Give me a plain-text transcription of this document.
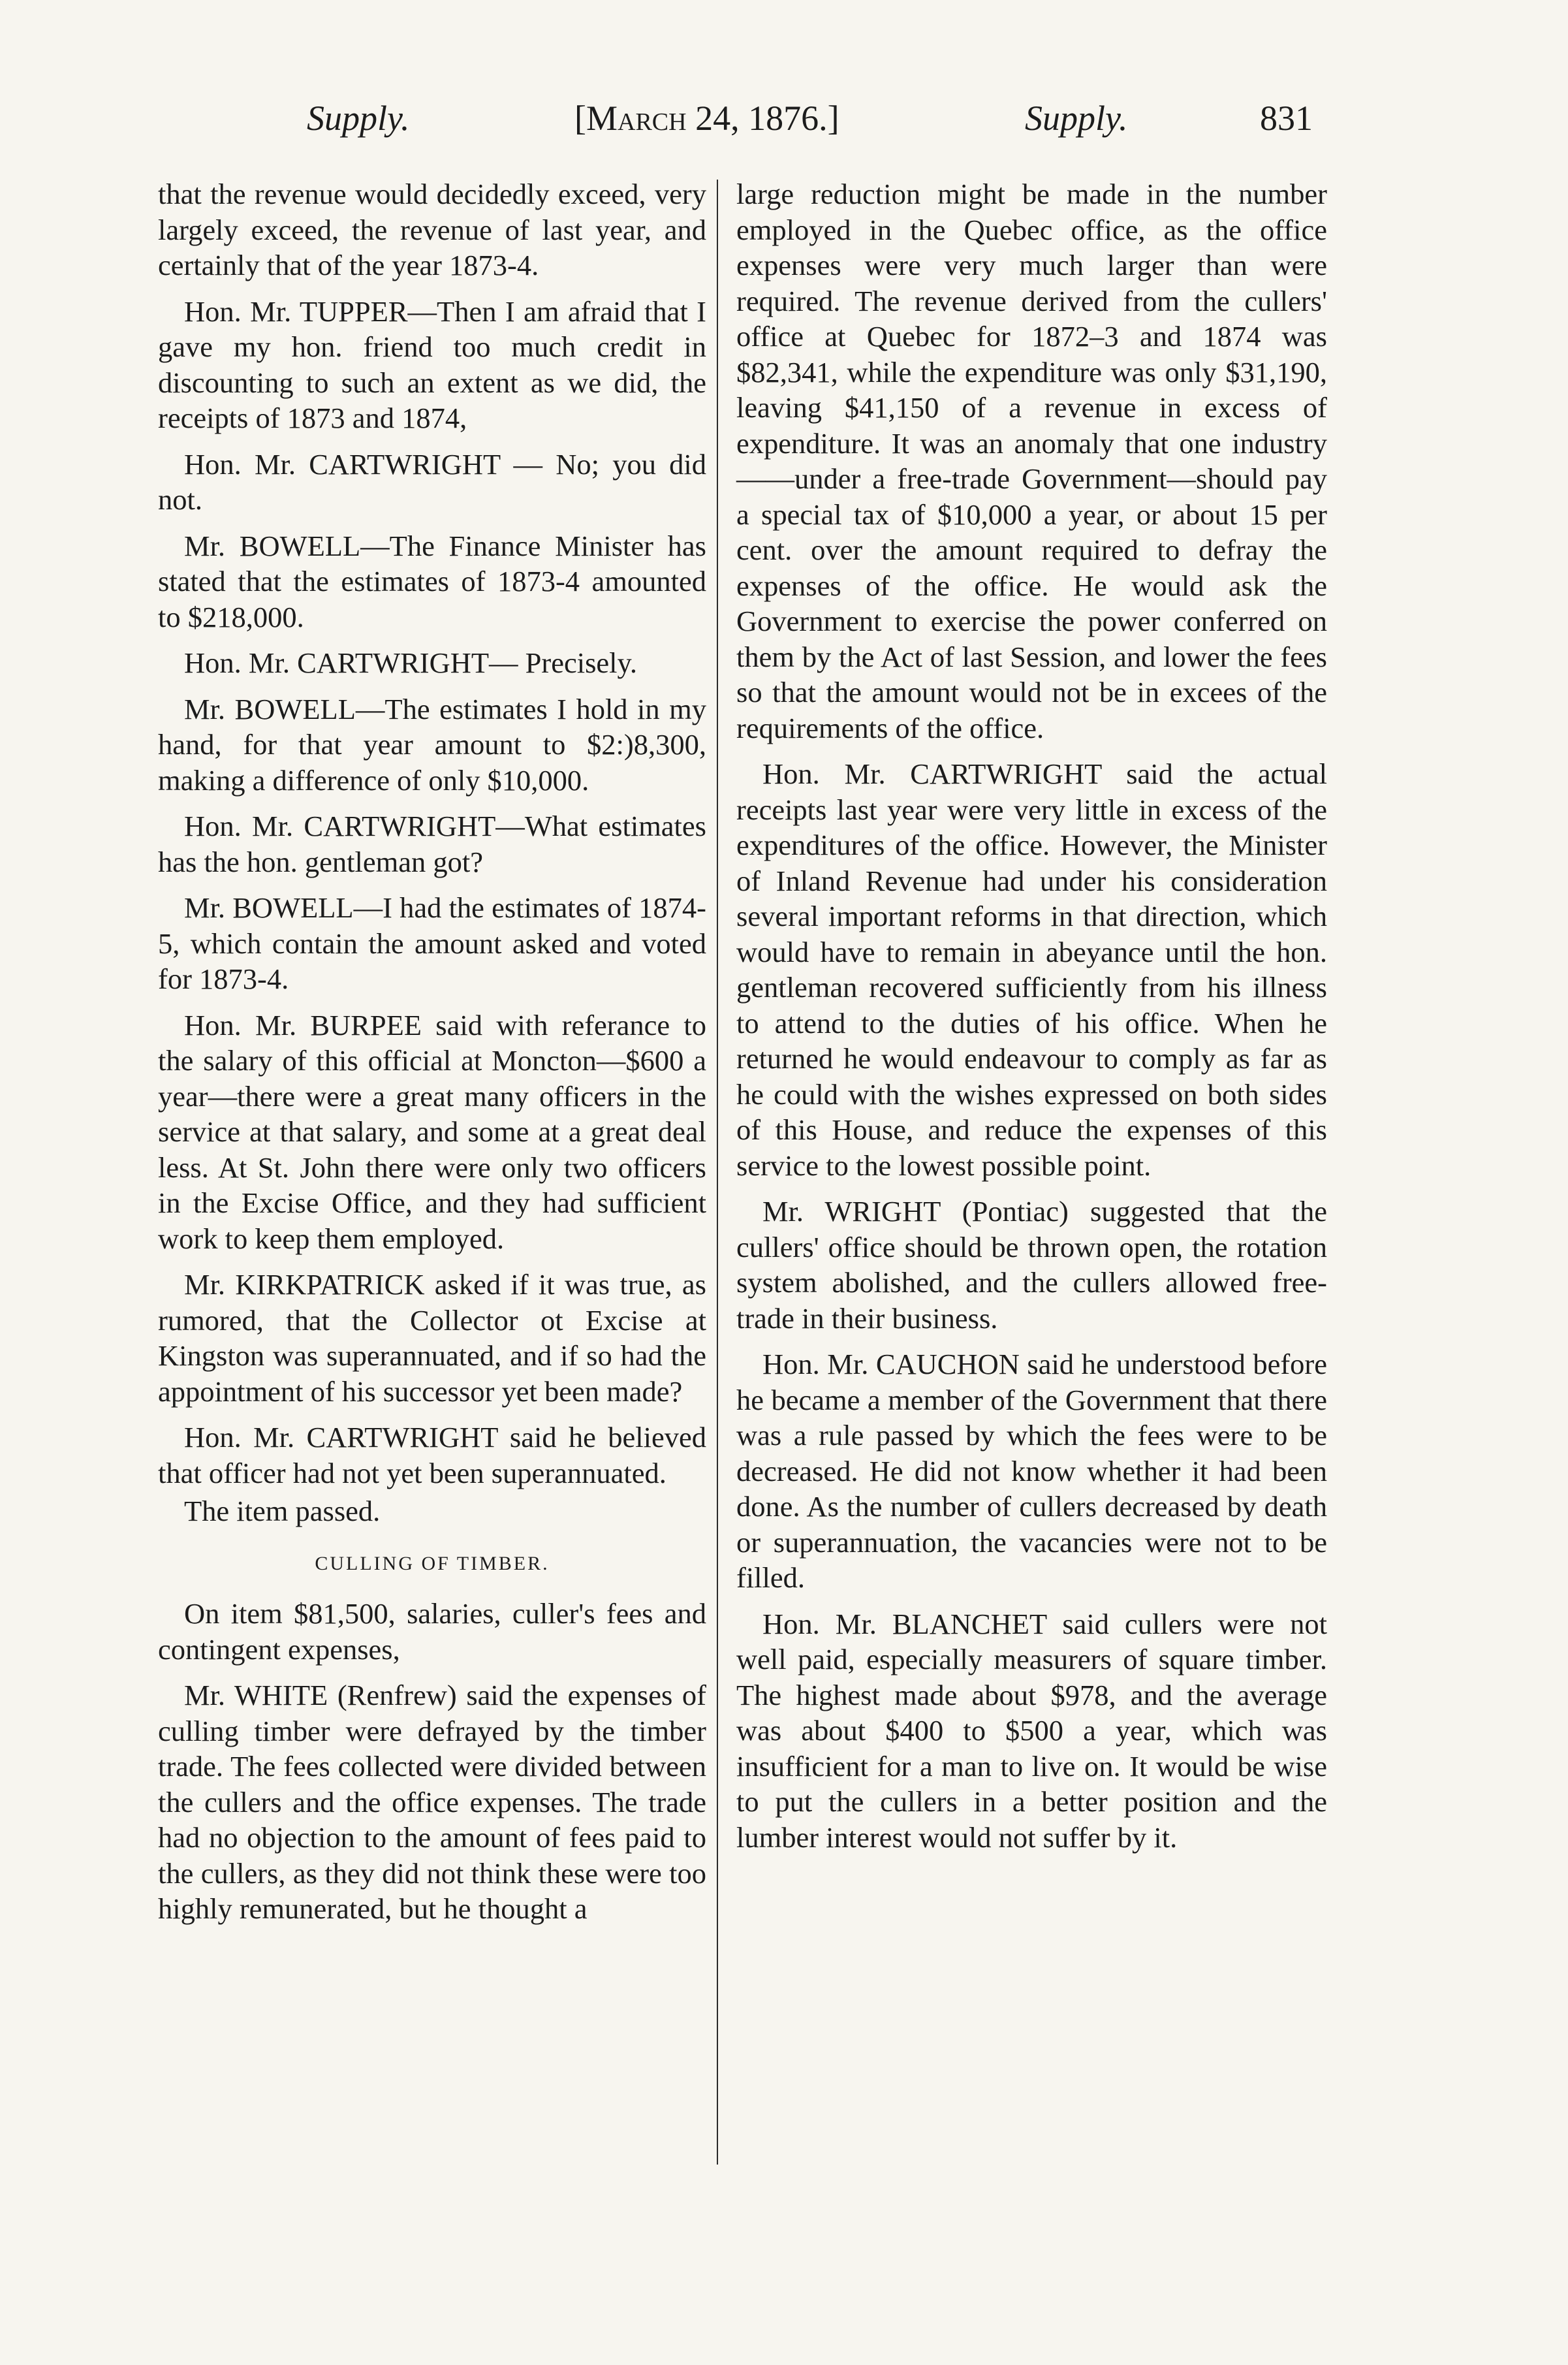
Supply.	[March 24, 1876.]	Supply.	831

that the revenue would decidedly exceed, very largely exceed, the revenue of last year, and certainly that of the year 1873-4.

Hon. Mr. TUPPER—Then I am afraid that I gave my hon. friend too much credit in discounting to such an extent as we did, the receipts of 1873 and 1874,

Hon. Mr. CARTWRIGHT — No; you did not.

Mr. BOWELL—The Finance Minister has stated that the estimates of 1873-4 amounted to $218,000.

Hon. Mr. CARTWRIGHT— Precisely.

Mr. BOWELL—The estimates I hold in my hand, for that year amount to $2:)8,300, making a difference of only $10,000.

Hon. Mr. CARTWRIGHT—What estimates has the hon. gentleman got?

Mr. BOWELL—I had the estimates of 1874-5, which contain the amount asked and voted for 1873-4.

Hon. Mr. BURPEE said with referance to the salary of this official at Moncton—$600 a year—there were a great many officers in the service at that salary, and some at a great deal less. At St. John there were only two officers in the Excise Office, and they had sufficient work to keep them employed.

Mr. KIRKPATRICK asked if it was true, as rumored, that the Collector ot Excise at Kingston was superannuated, and if so had the appointment of his successor yet been made?

Hon. Mr. CARTWRIGHT said he believed that officer had not yet been superannuated.

The item passed.

CULLING OF TIMBER.

On item $81,500, salaries, culler's fees and contingent expenses,

Mr. WHITE (Renfrew) said the expenses of culling timber were defrayed by the timber trade. The fees collected were divided between the cullers and the office expenses. The trade had no objection to the amount of fees paid to the cullers, as they did not think these were too highly remunerated, but he thought a

large reduction might be made in the number employed in the Quebec office, as the office expenses were very much larger than were required. The revenue derived from the cullers' office at Quebec for 1872–3 and 1874 was $82,341, while the expenditure was only $31,190, leaving $41,150 of a revenue in excess of expenditure. It was an anomaly that one industry——under a free-trade Government—should pay a special tax of $10,000 a year, or about 15 per cent. over the amount required to defray the expenses of the office. He would ask the Government to exercise the power conferred on them by the Act of last Session, and lower the fees so that the amount would not be in excees of the requirements of the office.

Hon. Mr. CARTWRIGHT said the actual receipts last year were very little in excess of the expenditures of the office. However, the Minister of Inland Revenue had under his consideration several important reforms in that direction, which would have to remain in abeyance until the hon. gentleman recovered sufficiently from his illness to attend to the duties of his office. When he returned he would endeavour to comply as far as he could with the wishes expressed on both sides of this House, and reduce the expenses of this service to the lowest possible point.

Mr. WRIGHT (Pontiac) suggested that the cullers' office should be thrown open, the rotation system abolished, and the cullers allowed free-trade in their business.

Hon. Mr. CAUCHON said he understood before he became a member of the Government that there was a rule passed by which the fees were to be decreased. He did not know whether it had been done. As the number of cullers decreased by death or superannuation, the vacancies were not to be filled.

Hon. Mr. BLANCHET said cullers were not well paid, especially measurers of square timber. The highest made about $978, and the average was about $400 to $500 a year, which was insufficient for a man to live on. It would be wise to put the cullers in a better position and the lumber interest would not suffer by it.
